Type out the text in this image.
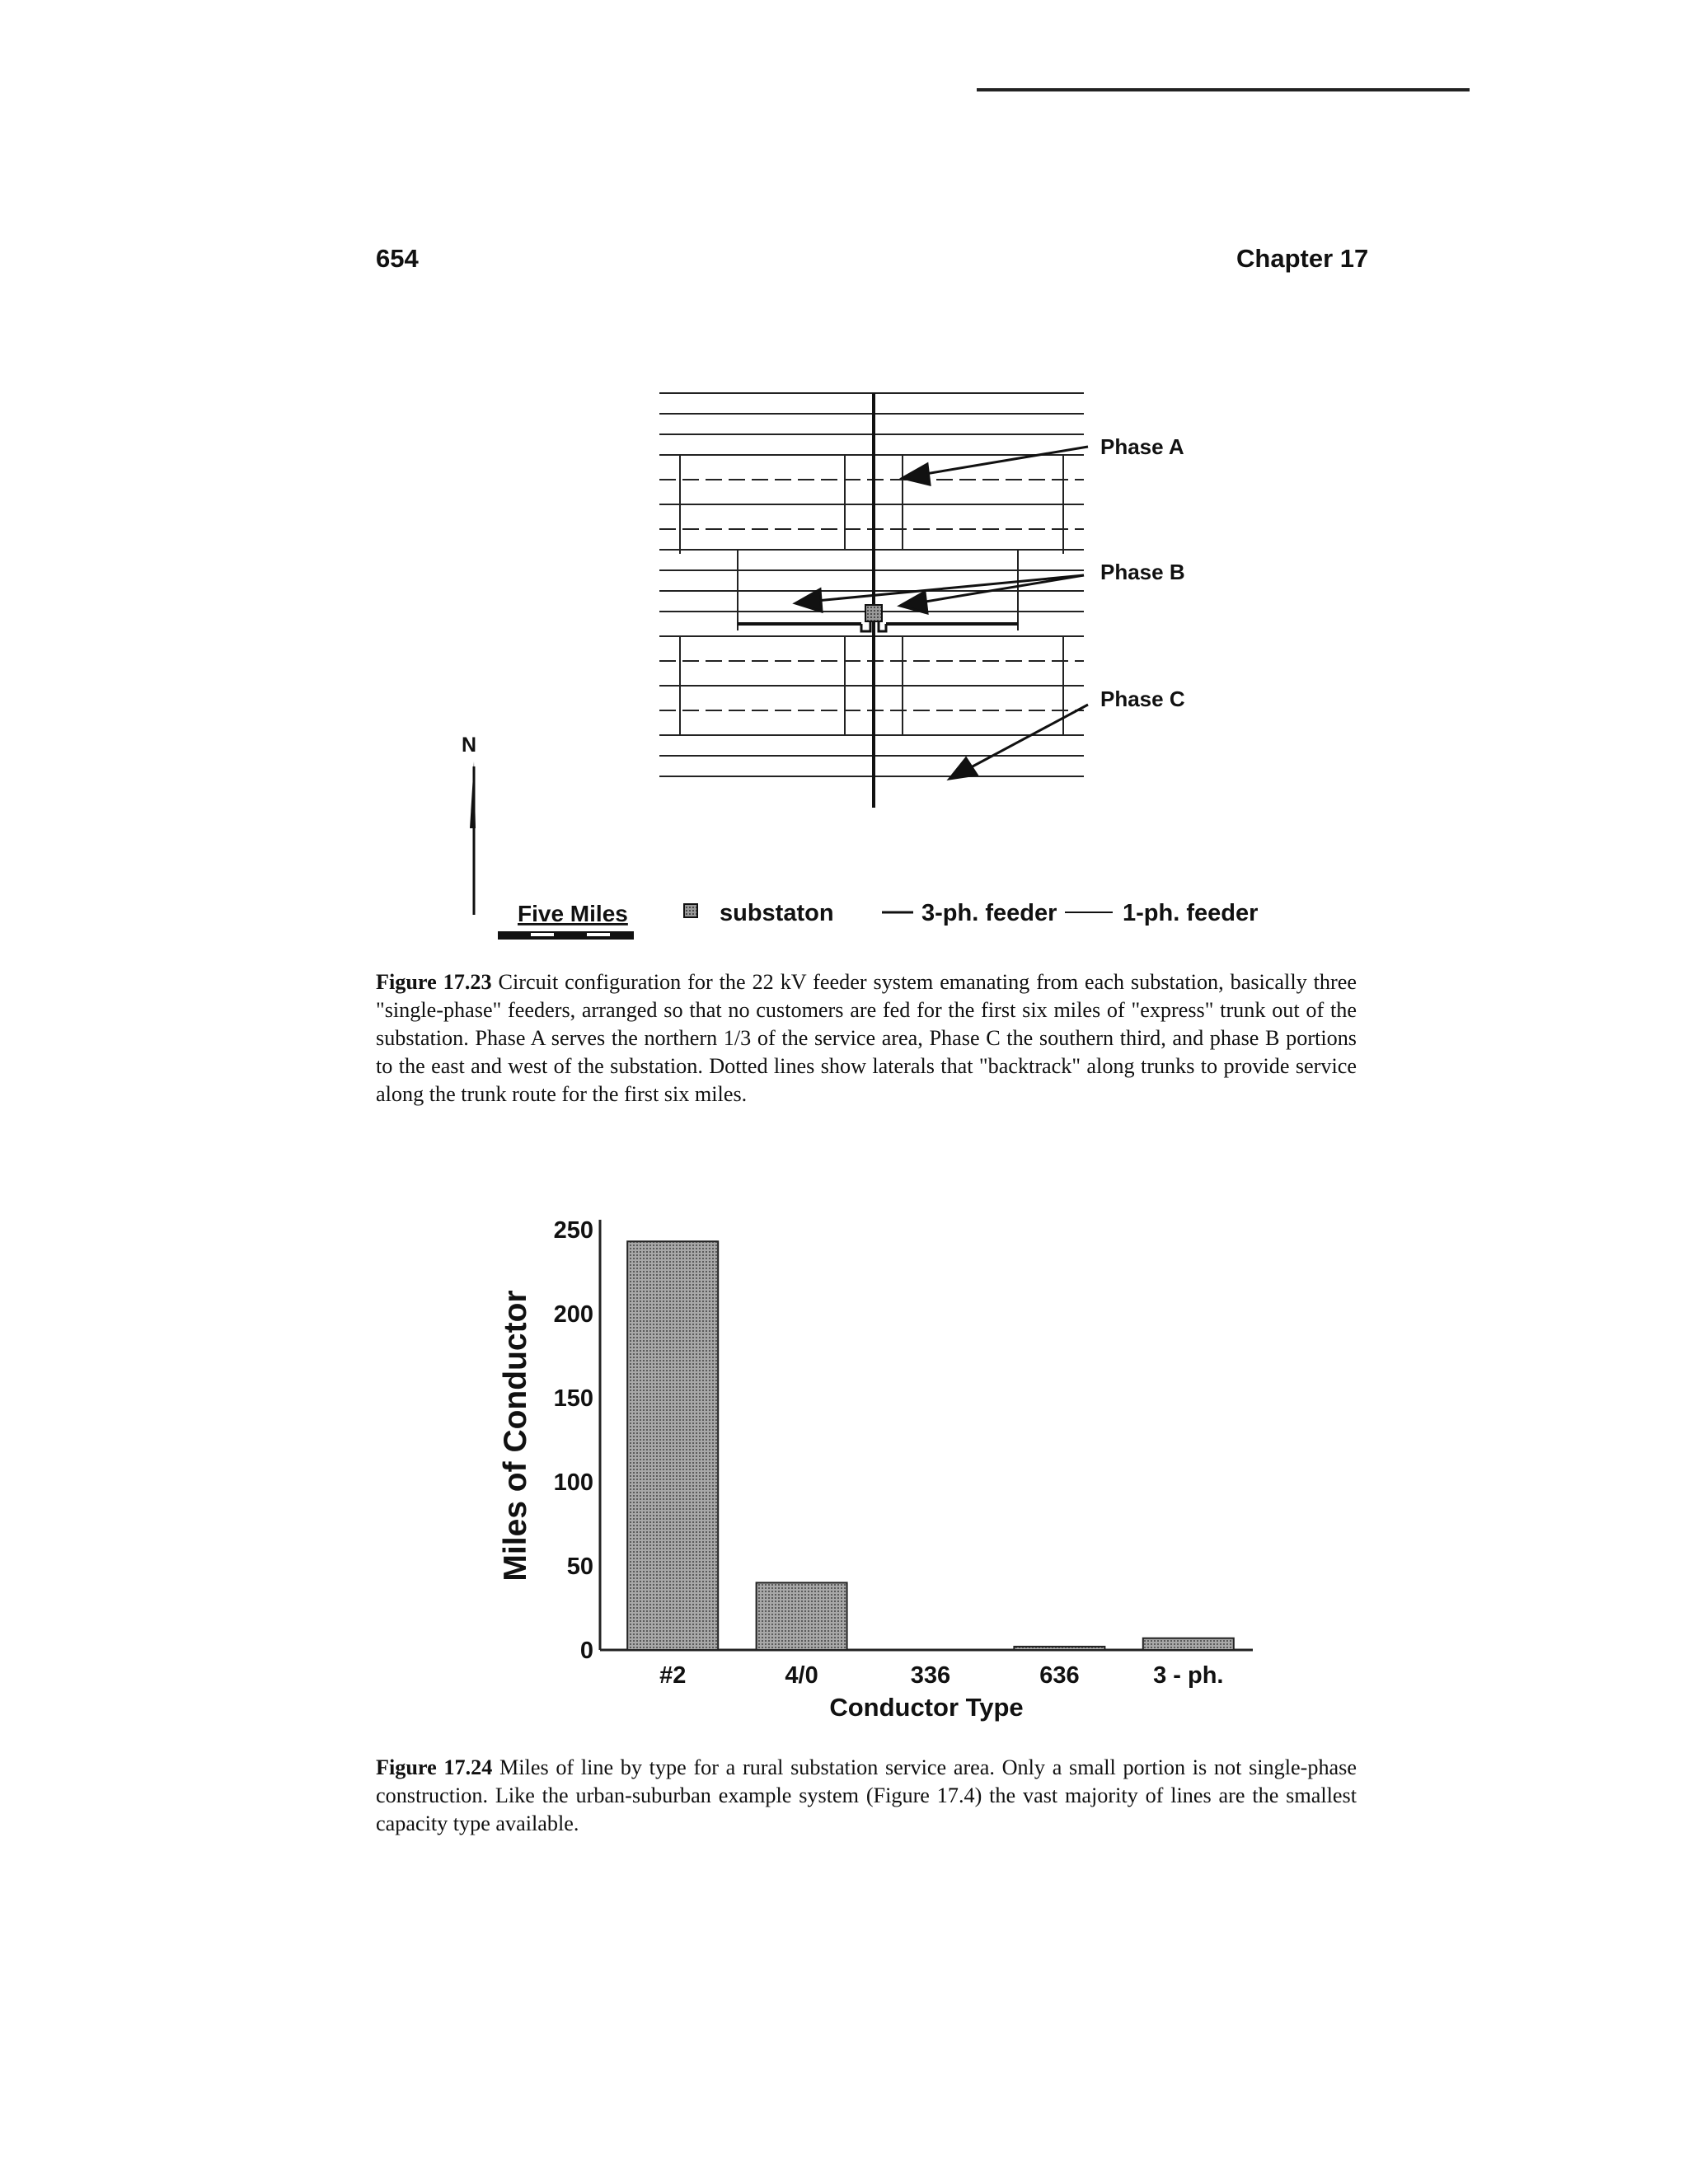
654	Chapter 17
Phase A
Phase B
Phase C
N
Five Miles	substaton	3-ph. feeder	1-ph. feeder

Figure 17.23 Circuit configuration for the 22 kV feeder system emanating from each substation, basically three "single-phase" feeders, arranged so that no customers are fed for the first six miles of "express" trunk out of the substation. Phase A serves the northern 1/3 of the service area, Phase C the southern third, and phase B portions to the east and west of the substation. Dotted lines show laterals that "backtrack" along trunks to provide service along the trunk route for the first six miles.

0
50
100
150
200
250
#2	4/0	336	636	3 - ph.
Conductor Type
Miles of Conductor

Figure 17.24 Miles of line by type for a rural substation service area. Only a small portion is not single-phase construction. Like the urban-suburban example system (Figure 17.4) the vast majority of lines are the smallest capacity type available.
